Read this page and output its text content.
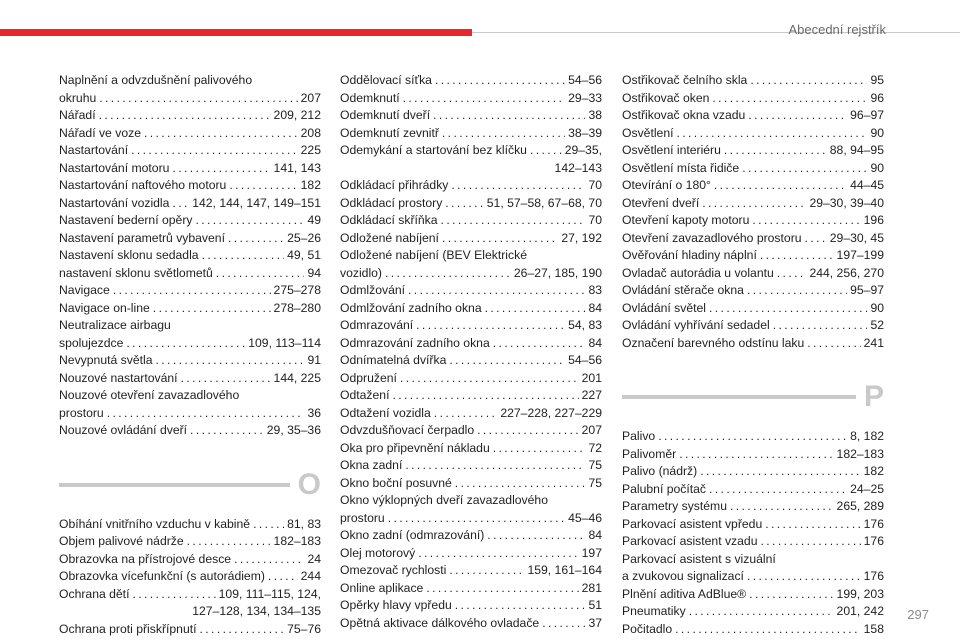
Abecední rejstřík
Naplnění a odvzdušnění palivového
okruhu . . .	207
Nářadí . . .	209, 212
Nářadí ve voze . . .	208
Nastartování . . .	225
Nastartování motoru . . .	141, 143
Nastartování naftového motoru . . .	182
Nastartování vozidla . . . 142, 144, 147, 149–151
Nastavení bederní opěry . . .	49
Nastavení parametrů vybavení . . .	25–26
Nastavení sklonu sedadla . . .	49, 51
nastavení sklonu světlometů . . .	94
Navigace . . .	275–278
Navigace on-line . . .	278–280
Neutralizace airbagu
spolujezdce . . .	109, 113–114
Nevypnutá světla . . .	91
Nouzové nastartování . . .	144, 225
Nouzové otevření zavazadlového
prostoru . . .	36
Nouzové ovládání dveří . . .	29, 35–36
O
Obíhání vnitřního vzduchu v kabině . . .	81, 83
Objem palivové nádrže . . .	182–183
Obrazovka na přístrojové desce . . .	24
Obrazovka vícefunkční (s autorádiem) . . .	244
Ochrana dětí . . .	109, 111–115, 124,
127–128, 134, 134–135
Ochrana proti přiskřípnutí . . .	75–76
Oddělovací síťka . . .	54–56
Odemknutí . . .	29–33
Odemknutí dveří . . .	38
Odemknutí zevnitř . . .	38–39
Odemykání a startování bez klíčku . . .	29–35,
142–143
Odkládací přihrádky . . .	70
Odkládací prostory . . .	51, 57–58, 67–68, 70
Odkládací skříňka . . .	70
Odložené nabíjení . . .	27, 192
Odložené nabíjení (BEV Elektrické
vozidlo) . . .	26–27, 185, 190
Odmlžování . . .	83
Odmlžování zadního okna . . .	84
Odmrazování . . .	54, 83
Odmrazování zadního okna . . .	84
Odnímatelná dvířka . . .	54–56
Odpružení . . .	201
Odtažení . . .	227
Odtažení vozidla . . .	227–228, 227–229
Odvzdušňovací čerpadlo . . .	207
Oka pro připevnění nákladu . . .	72
Okna zadní . . .	75
Okno boční posuvné . . .	75
Okno výklopných dveří zavazadlového
prostoru . . .	45–46
Okno zadní (odmrazování) . . .	84
Olej motorový . . .	197
Omezovač rychlosti . . .	159, 161–164
Online aplikace . . .	281
Opěrky hlavy vpředu . . .	51
Opětná aktivace dálkového ovladače . . .	37
Ostřikovač čelního skla . . .	95
Ostřikovač oken . . .	96
Ostřikovač okna vzadu . . .	96–97
Osvětlení . . .	90
Osvětlení interiéru . . .	88, 94–95
Osvětlení místa řidiče . . .	90
Otevírání o 180° . . .	44–45
Otevření dveří . . .	29–30, 39–40
Otevření kapoty motoru . . .	196
Otevření zavazadlového prostoru . . . 29–30, 45
Ověřování hladiny náplní . . .	197–199
Ovladač autorádia u volantu . . .	244, 256, 270
Ovládání stěrače okna . . .	95–97
Ovládání světel . . .	90
Ovládání vyhřívání sedadel . . .	52
Označení barevného odstínu laku . . .	241
P
Palivo . . .	8, 182
Palivoměr . . .	182–183
Palivo (nádrž) . . .	182
Palubní počítač . . .	24–25
Parametry systému . . .	265, 289
Parkovací asistent vpředu . . .	176
Parkovací asistent vzadu . . .	176
Parkovací asistent s vizuální
a zvukovou signalizací . . .	176
Plnění aditiva AdBlue® . . .	199, 203
Pneumatiky . . .	201, 242
Počitadlo . . .	158
297
